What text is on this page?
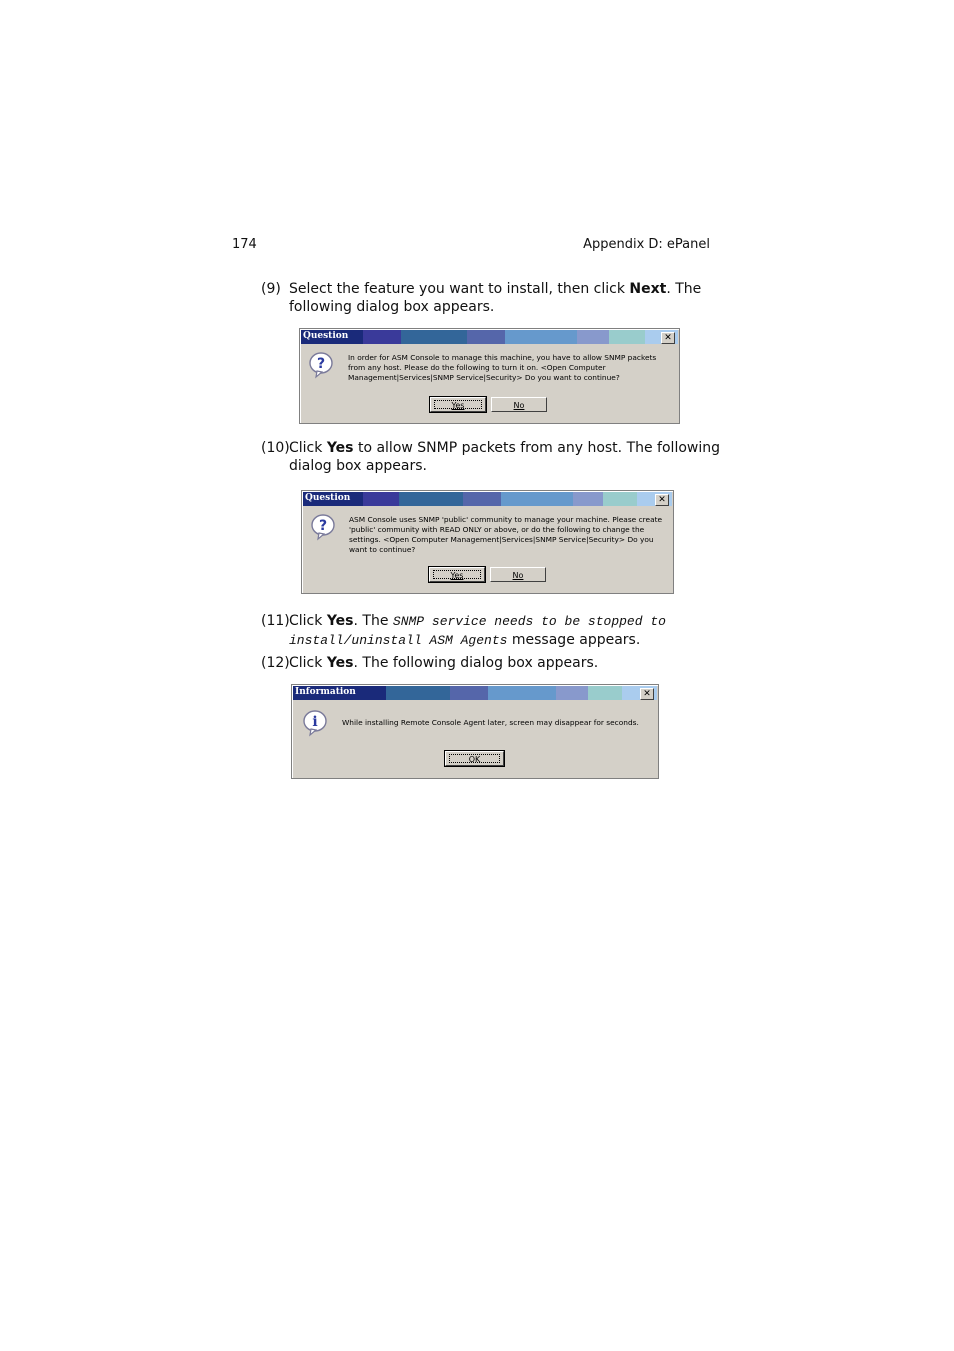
174	Appendix D: ePanel
(9) Select the feature you want to install, then click Next. The following dialog box appears.
Question	✕
?	In order for ASM Console to manage this machine, you have to allow SNMP packets from any host. Please do the following to turn it on. <Open Computer Management|Services|SNMP Service|Security> Do you want to continue?
Yes	No
(10) Click Yes to allow SNMP packets from any host. The following dialog box appears.
Question	✕
?	ASM Console uses SNMP 'public' community to manage your machine. Please create 'public' community with READ ONLY or above, or do the following to change the settings. <Open Computer Management|Services|SNMP Service|Security> Do you want to continue?
Yes	No
(11) Click Yes. The SNMP service needs to be stopped to install/uninstall ASM Agents message appears.
(12) Click Yes. The following dialog box appears.
Information	✕
i	While installing Remote Console Agent later, screen may disappear for seconds.
OK
